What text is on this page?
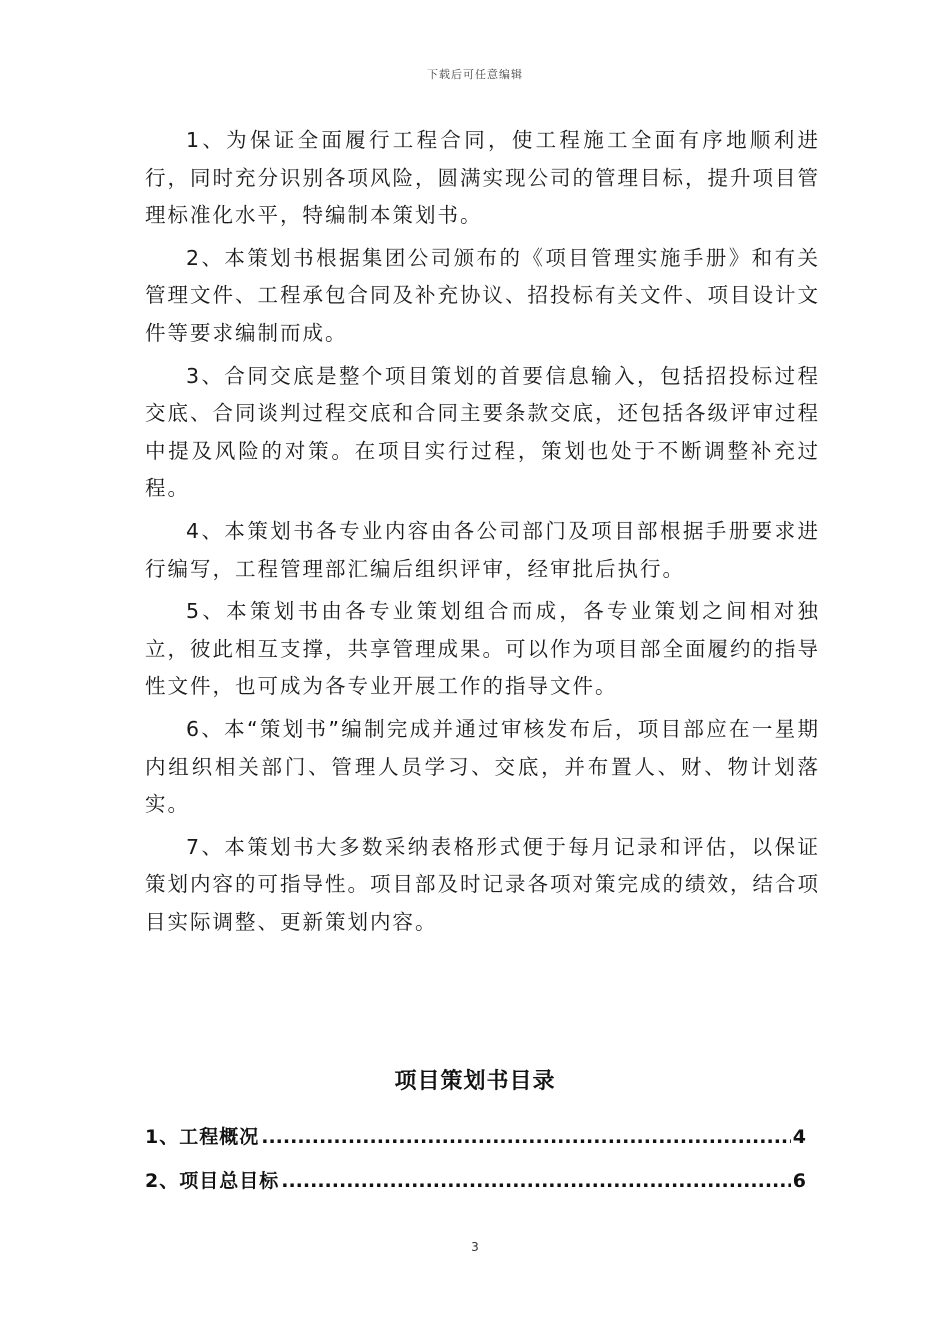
下载后可任意编辑

1、为保证全面履行工程合同，使工程施工全面有序地顺利进行，同时充分识别各项风险，圆满实现公司的管理目标，提升项目管理标准化水平，特编制本策划书。

2、本策划书根据集团公司颁布的《项目管理实施手册》和有关管理文件、工程承包合同及补充协议、招投标有关文件、项目设计文件等要求编制而成。

3、合同交底是整个项目策划的首要信息输入，包括招投标过程交底、合同谈判过程交底和合同主要条款交底，还包括各级评审过程中提及风险的对策。在项目实行过程，策划也处于不断调整补充过程。

4、本策划书各专业内容由各公司部门及项目部根据手册要求进行编写，工程管理部汇编后组织评审，经审批后执行。

5、本策划书由各专业策划组合而成，各专业策划之间相对独立，彼此相互支撑，共享管理成果。可以作为项目部全面履约的指导性文件，也可成为各专业开展工作的指导文件。

6、本“策划书”编制完成并通过审核发布后，项目部应在一星期内组织相关部门、管理人员学习、交底，并布置人、财、物计划落实。

7、本策划书大多数采纳表格形式便于每月记录和评估，以保证策划内容的可指导性。项目部及时记录各项对策完成的绩效，结合项目实际调整、更新策划内容。

项目策划书目录
1、工程概况 .....	4
2、项目总目标 .....	6
3
